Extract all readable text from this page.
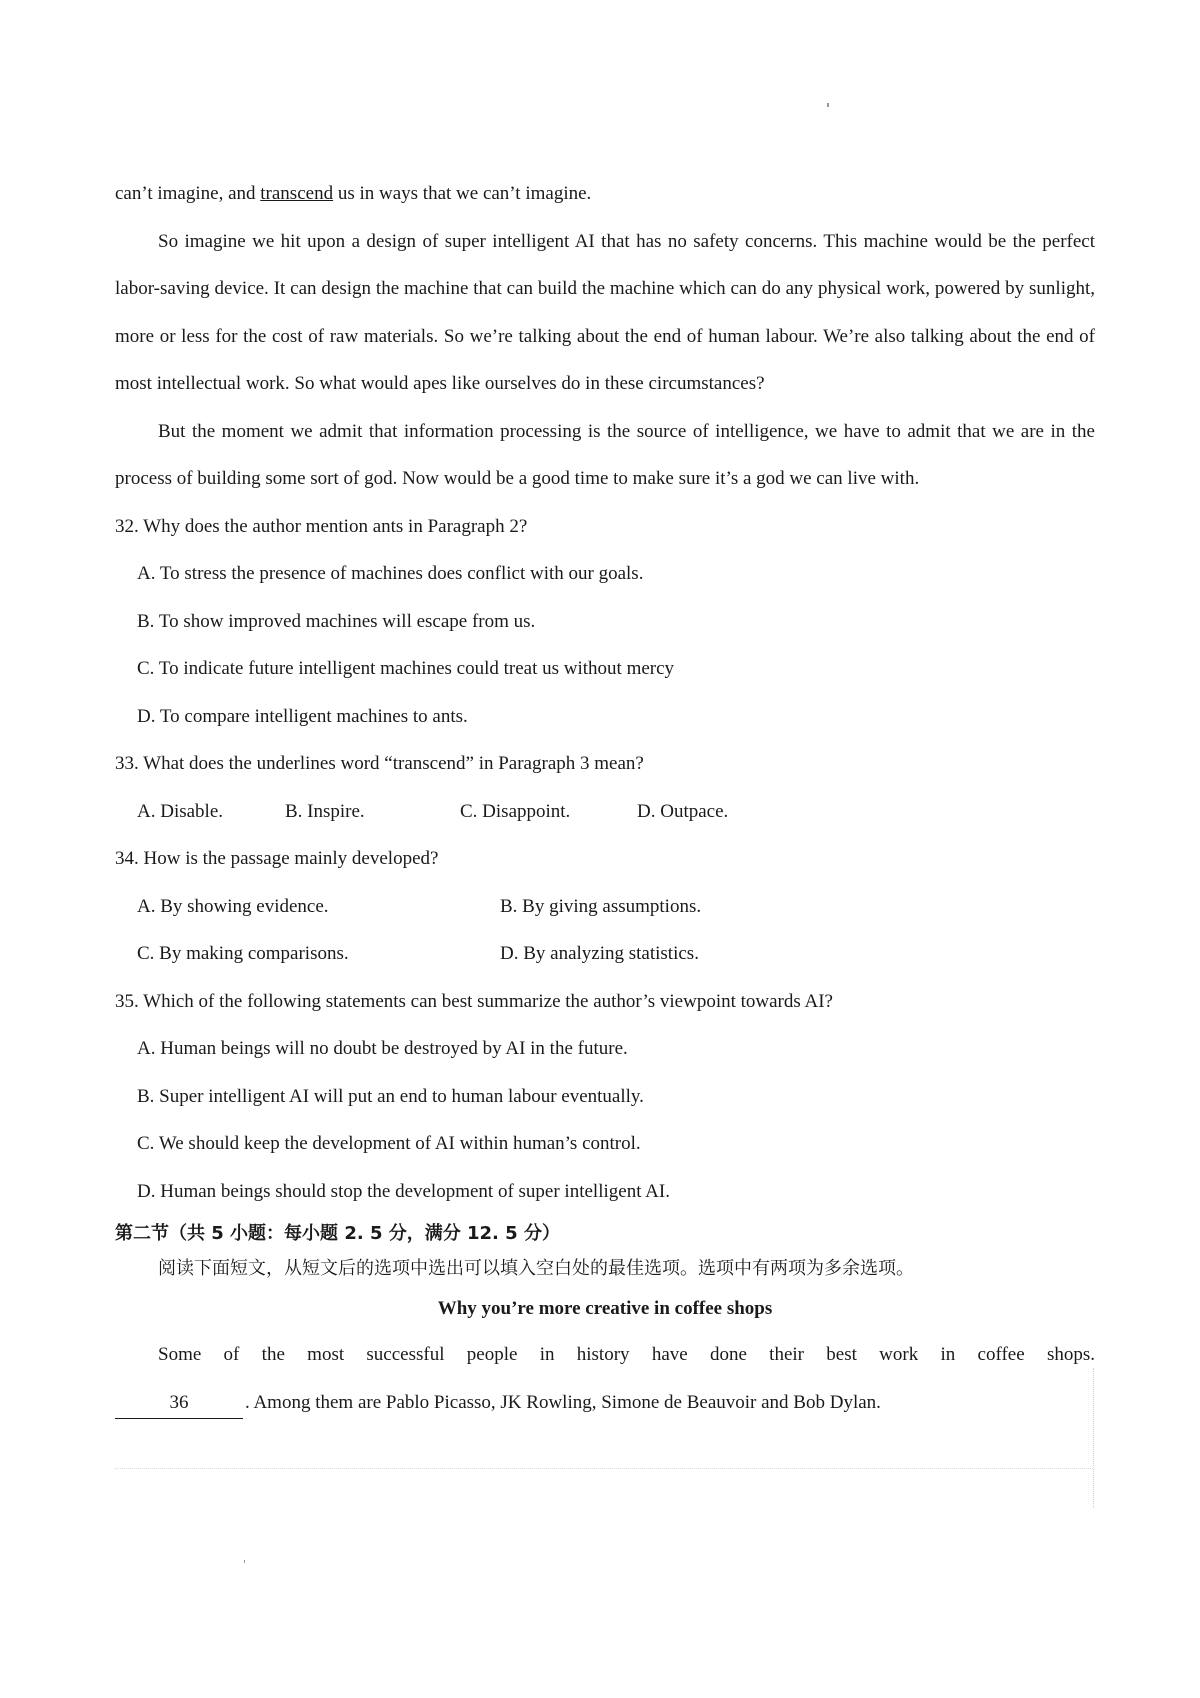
can’t imagine, and transcend us in ways that we can’t imagine.

So imagine we hit upon a design of super intelligent AI that has no safety concerns. This machine would be the perfect labor-saving device. It can design the machine that can build the machine which can do any physical work, powered by sunlight, more or less for the cost of raw materials. So we’re talking about the end of human labour. We’re also talking about the end of most intellectual work. So what would apes like ourselves do in these circumstances?

But the moment we admit that information processing is the source of intelligence, we have to admit that we are in the process of building some sort of god. Now would be a good time to make sure it’s a god we can live with.

32. Why does the author mention ants in Paragraph 2?

A. To stress the presence of machines does conflict with our goals.

B. To show improved machines will escape from us.

C. To indicate future intelligent machines could treat us without mercy

D. To compare intelligent machines to ants.

33. What does the underlines word “transcend” in Paragraph 3 mean?

A. Disable.	B. Inspire.	C. Disappoint.	D. Outpace.

34. How is the passage mainly developed?

A. By showing evidence.	B. By giving assumptions.
C. By making comparisons.	D. By analyzing statistics.

35. Which of the following statements can best summarize the author’s viewpoint towards AI?

A. Human beings will no doubt be destroyed by AI in the future.

B. Super intelligent AI will put an end to human labour eventually.

C. We should keep the development of AI within human’s control.

D. Human beings should stop the development of super intelligent AI.

第二节（共 5 小题：每小题 2. 5 分，满分 12. 5 分）
阅读下面短文，从短文后的选项中选出可以填入空白处的最佳选项。选项中有两项为多余选项。
Why you’re more creative in coffee shops

Some of the most successful people in history have done their best work in coffee shops.

36	. Among them are Pablo Picasso, JK Rowling, Simone de Beauvoir and Bob Dylan.
